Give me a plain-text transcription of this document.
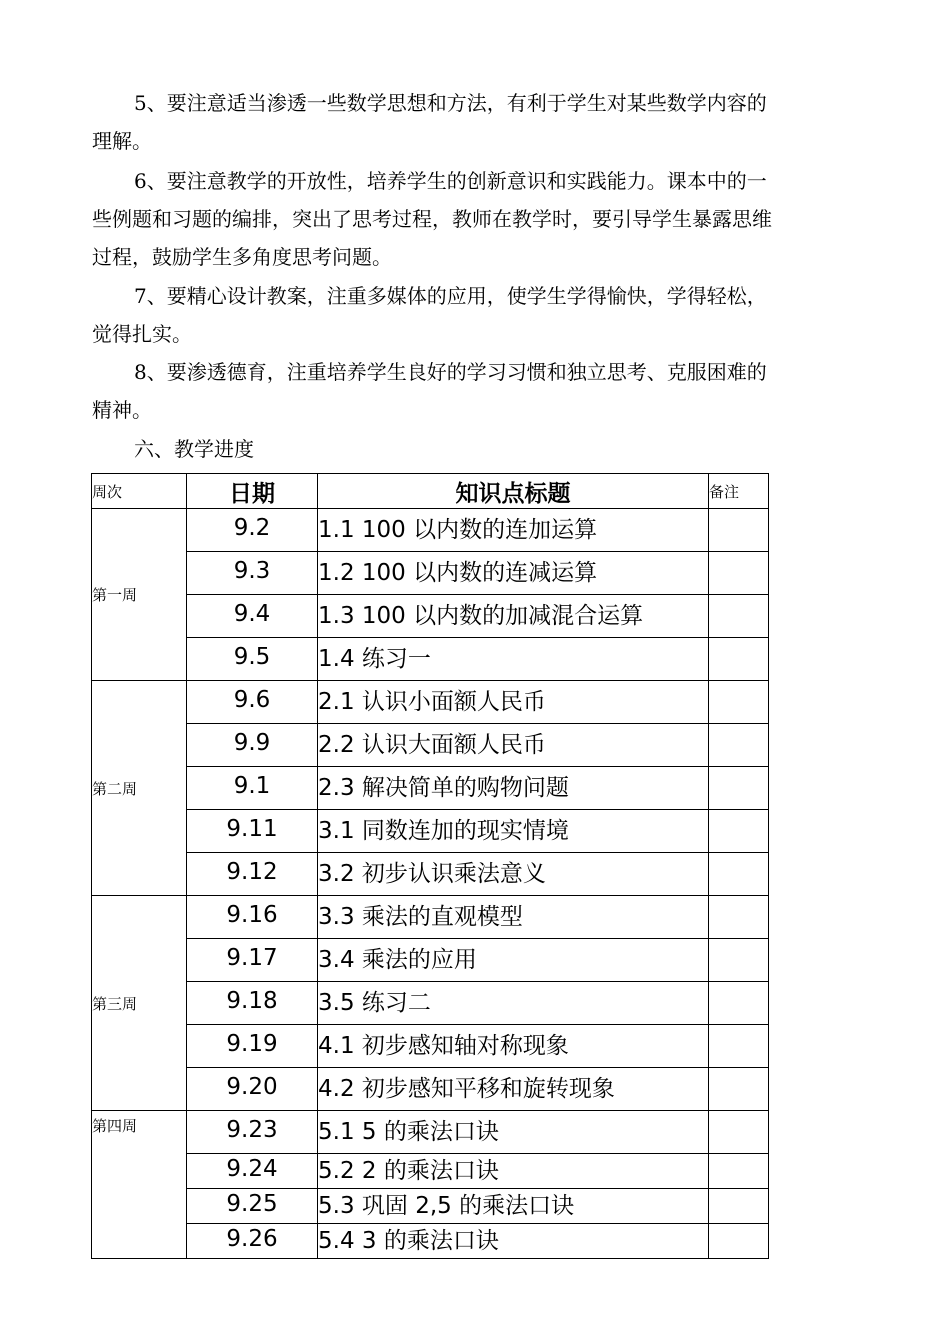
5、要注意适当渗透一些数学思想和方法，有利于学生对某些数学内容的
理解。

6、要注意教学的开放性，培养学生的创新意识和实践能力。课本中的一
些例题和习题的编排，突出了思考过程，教师在教学时，要引导学生暴露思维
过程，鼓励学生多角度思考问题。

7、要精心设计教案，注重多媒体的应用，使学生学得愉快，学得轻松，
觉得扎实。

8、要渗透德育，注重培养学生良好的学习习惯和独立思考、克服困难的
精神。

六、教学进度

周次	日期	知识点标题	备注
第一周	9.2	1.1 100 以内数的连加运算	
	9.3	1.2 100 以内数的连减运算	
	9.4	1.3 100 以内数的加减混合运算	
	9.5	1.4 练习一	
第二周	9.6	2.1 认识小面额人民币	
	9.9	2.2 认识大面额人民币	
	9.1	2.3 解决简单的购物问题	
	9.11	3.1 同数连加的现实情境	
	9.12	3.2 初步认识乘法意义	
第三周	9.16	3.3 乘法的直观模型	
	9.17	3.4 乘法的应用	
	9.18	3.5 练习二	
	9.19	4.1 初步感知轴对称现象	
	9.20	4.2 初步感知平移和旋转现象	
第四周	9.23	5.1 5 的乘法口诀	
	9.24	5.2 2 的乘法口诀	
	9.25	5.3 巩固 2,5 的乘法口诀	
	9.26	5.4 3 的乘法口诀	
